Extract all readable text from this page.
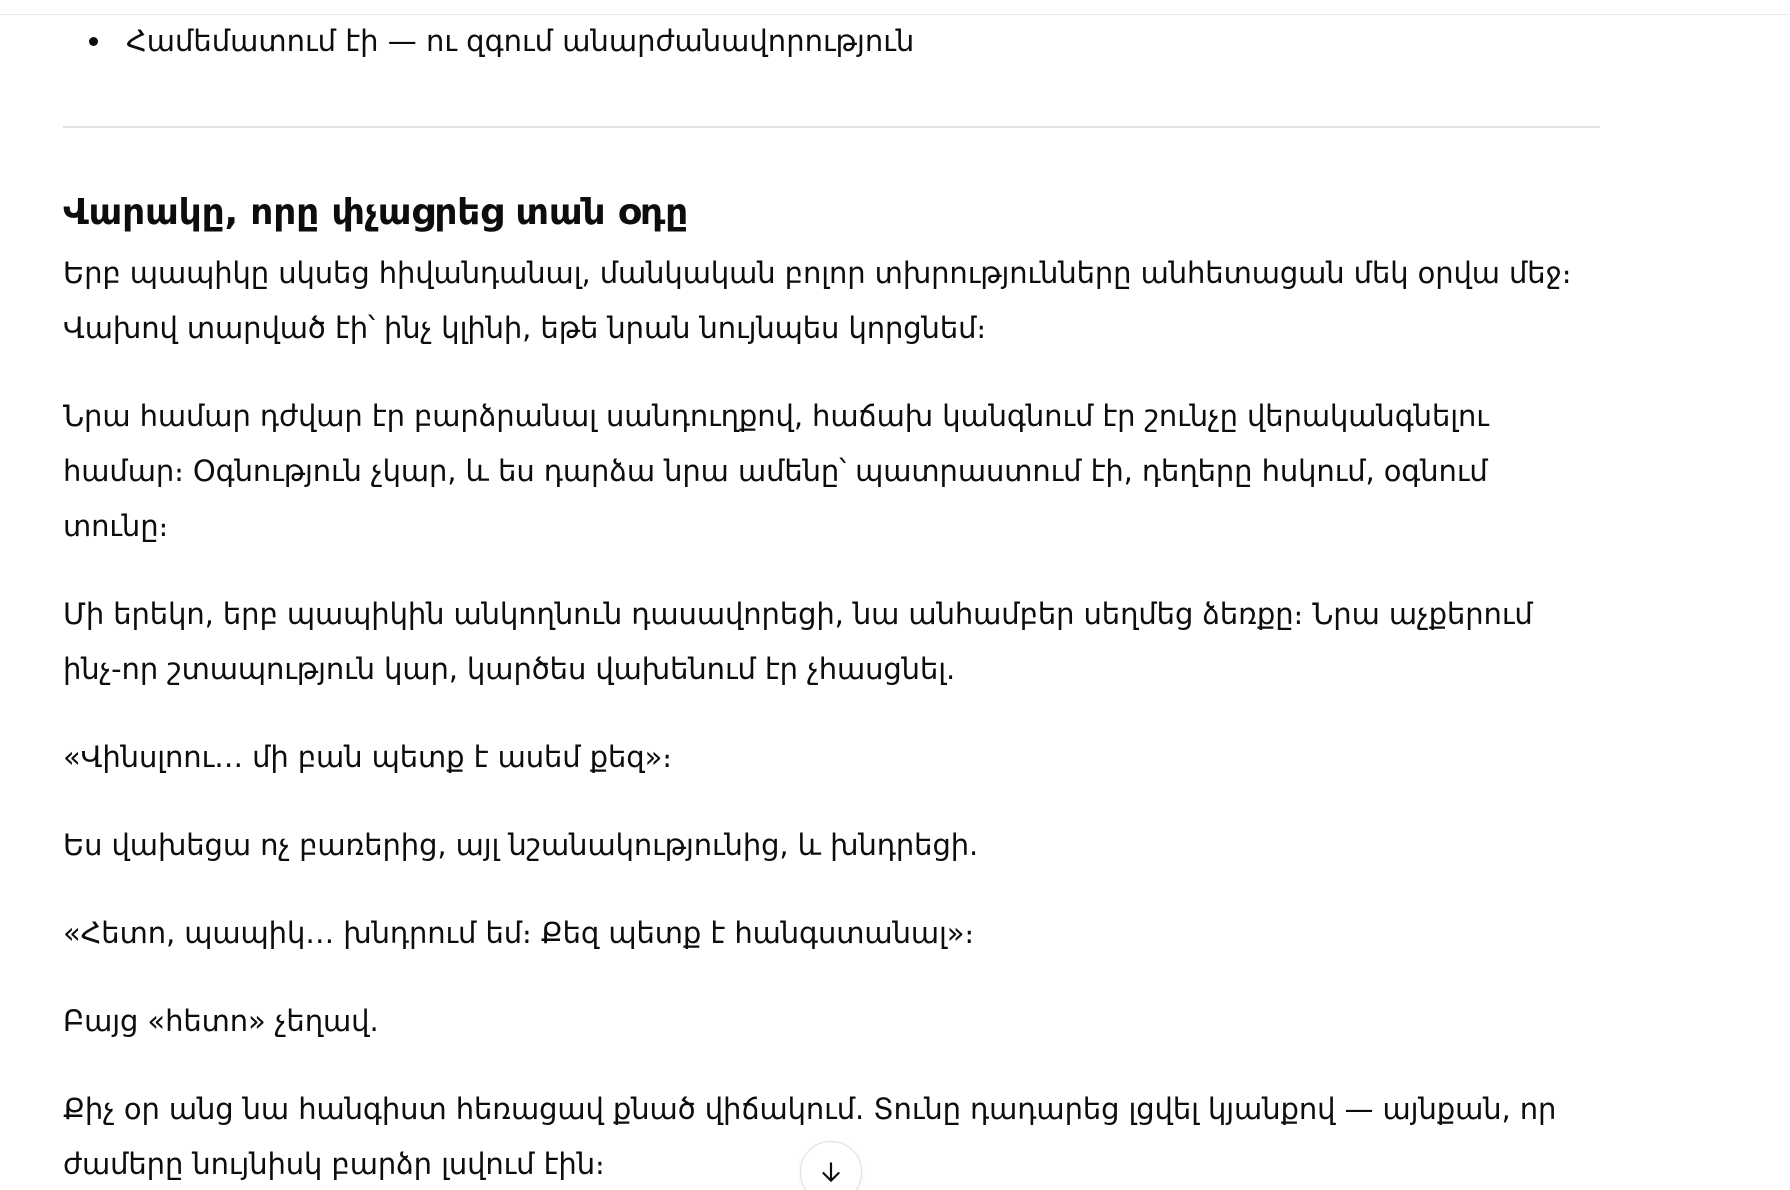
Համեմատում էի — ու զգում անարժանավորություն
Վարակը, որը փչացրեց տան օդը

Երբ պապիկը սկսեց հիվանդանալ, մանկական բոլոր տխրությունները անհետացան մեկ օրվա մեջ։ Վախով տարված էի՝ ինչ կլինի, եթե նրան նույնպես կորցնեմ։

Նրա համար դժվար էր բարձրանալ սանդուղքով, հաճախ կանգնում էր շունչը վերականգնելու համար։ Օգնություն չկար, և ես դարձա նրա ամենը՝ պատրաստում էի, դեղերը հսկում, օգնում տունը։

Մի երեկո, երբ պապիկին անկողնուն դասավորեցի, նա անհամբեր սեղմեց ձեռքը։ Նրա աչքերում ինչ-որ շտապություն կար, կարծես վախենում էր չհասցնել.

«Վինսլոու… մի բան պետք է ասեմ քեզ»։

Ես վախեցա ոչ բառերից, այլ նշանակությունից, և խնդրեցի.

«Հետո, պապիկ… խնդրում եմ։ Քեզ պետք է հանգստանալ»։

Բայց «հետո» չեղավ.

Քիչ օր անց նա հանգիստ հեռացավ քնած վիճակում. Տունը դադարեց լցվել կյանքով — այնքան, որ ժամերը նույնիսկ բարձր լսվում էին։
